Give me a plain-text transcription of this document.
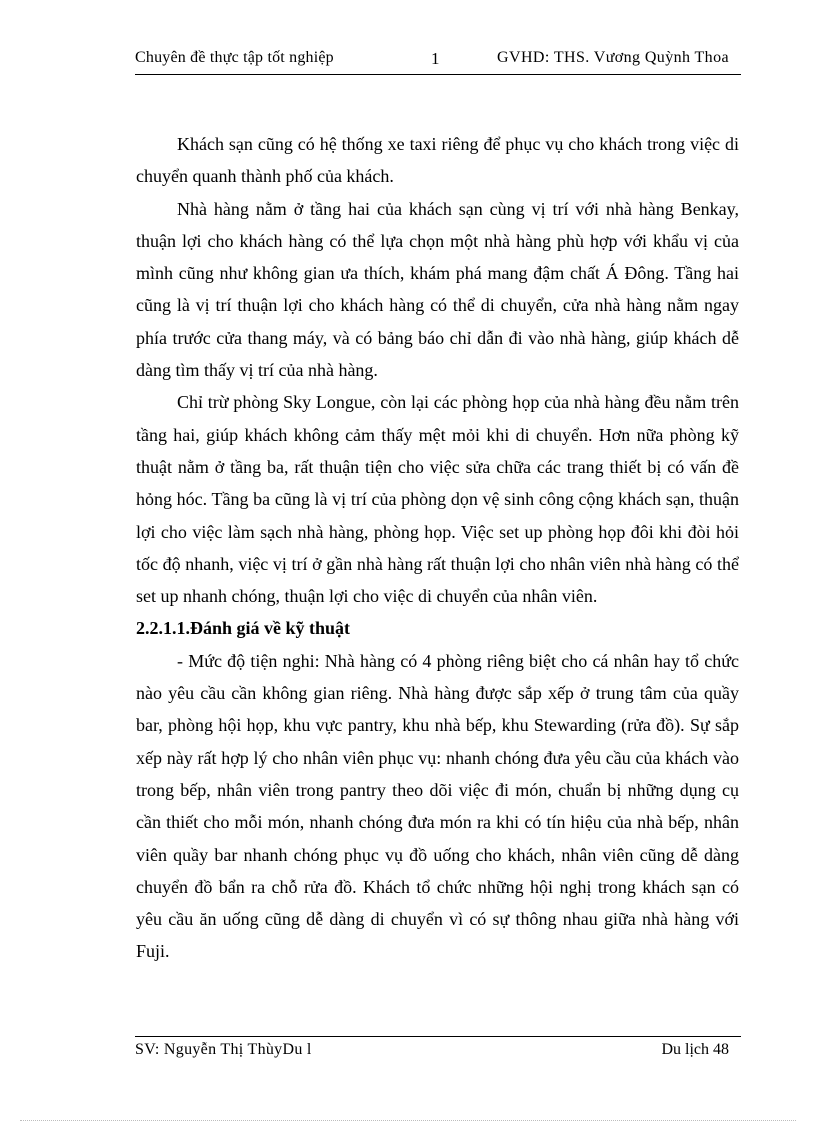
Chuyên đề thực tập tốt nghiệp	1	GVHD: THS. Vương Quỳnh Thoa

Khách sạn cũng có hệ thống xe taxi riêng để phục vụ cho khách trong việc di chuyển quanh thành phố của khách.

Nhà hàng nằm ở tầng hai của khách sạn cùng vị trí với nhà hàng Benkay, thuận lợi cho khách hàng có thể lựa chọn một nhà hàng phù hợp với khẩu vị của mình cũng như không gian ưa thích, khám phá mang đậm chất Á Đông. Tầng hai cũng là vị trí thuận lợi cho khách hàng có thể di chuyển, cửa nhà hàng nằm ngay phía trước cửa thang máy, và có bảng báo chỉ dẫn đi vào nhà hàng, giúp khách dễ dàng tìm thấy vị trí của nhà hàng.

Chỉ trừ phòng Sky Longue, còn lại các phòng họp của nhà hàng đều nằm trên tầng hai, giúp khách không cảm thấy mệt mỏi khi di chuyển. Hơn nữa phòng kỹ thuật nằm ở tầng ba, rất thuận tiện cho việc sửa chữa các trang thiết bị có vấn đề hỏng hóc. Tầng ba cũng là vị trí của phòng dọn vệ sinh công cộng khách sạn, thuận lợi cho việc làm sạch nhà hàng, phòng họp. Việc set up phòng họp đôi khi đòi hỏi tốc độ nhanh, việc vị trí ở gần nhà hàng rất thuận lợi cho nhân viên nhà hàng có thể set up nhanh chóng, thuận lợi cho việc di chuyển của nhân viên.

2.2.1.1.Đánh giá về kỹ thuật

- Mức độ tiện nghi: Nhà hàng có 4 phòng riêng biệt cho cá nhân hay tổ chức nào yêu cầu cần không gian riêng. Nhà hàng được sắp xếp ở trung tâm của quầy bar, phòng hội họp, khu vực pantry, khu nhà bếp, khu Stewarding (rửa đồ). Sự sắp xếp này rất hợp lý cho nhân viên phục vụ: nhanh chóng đưa yêu cầu của khách vào trong bếp, nhân viên trong pantry theo dõi việc đi món, chuẩn bị những dụng cụ cần thiết cho mỗi món, nhanh chóng đưa món ra khi có tín hiệu của nhà bếp, nhân viên quầy bar nhanh chóng phục vụ đồ uống cho khách, nhân viên cũng dễ dàng chuyển đồ bẩn ra chỗ rửa đồ. Khách tổ chức những hội nghị trong khách sạn có yêu cầu ăn uống cũng dễ dàng di chuyển vì có sự thông nhau giữa nhà hàng với Fuji.

SV: Nguyễn Thị ThùyDu l	Du lịch 48
